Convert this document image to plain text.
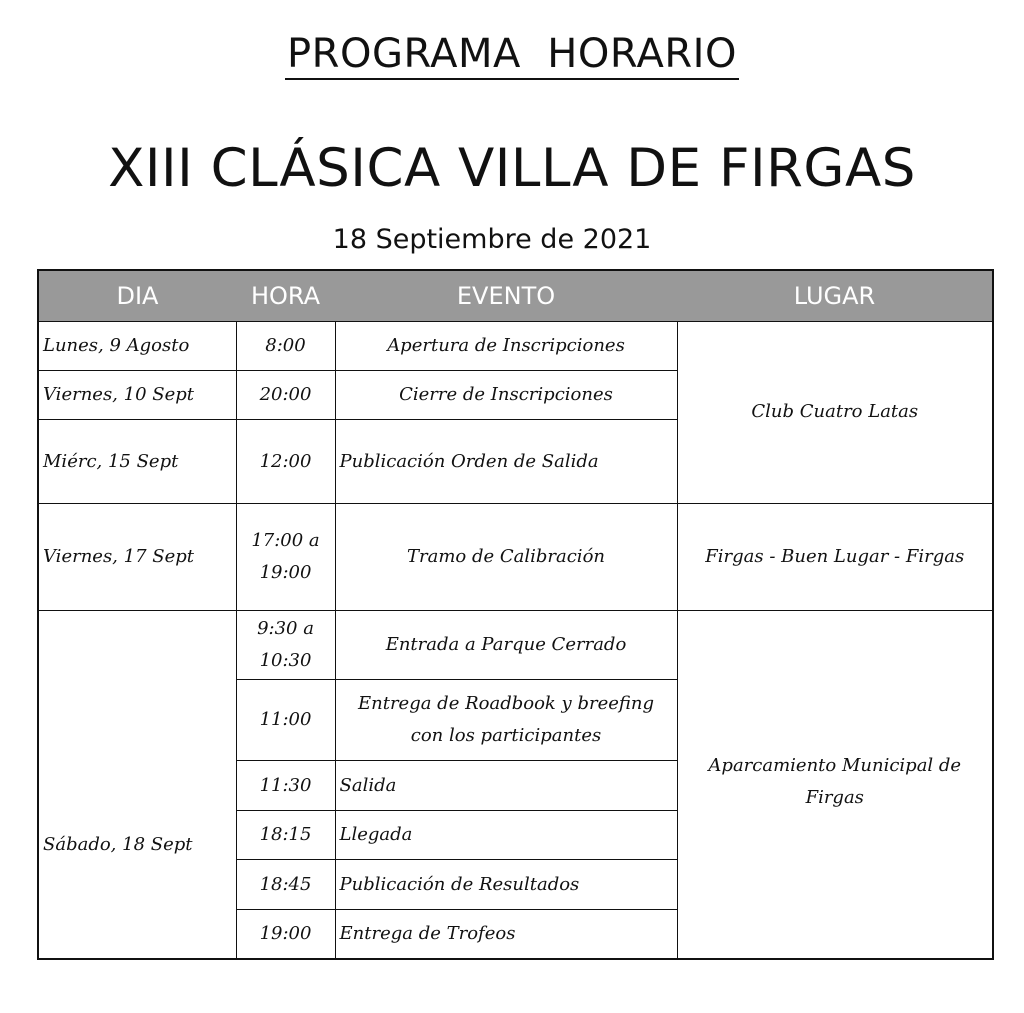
PROGRAMA  HORARIO
XIII CLÁSICA VILLA DE FIRGAS
18 Septiembre de 2021
DIA	HORA	EVENTO	LUGAR
Lunes, 9 Agosto	8:00	Apertura de Inscripciones	Club Cuatro Latas
Viernes, 10 Sept	20:00	Cierre de Inscripciones	
Miérc, 15 Sept	12:00	Publicación Orden de Salida	
Viernes, 17 Sept	17:00 a 19:00	Tramo de Calibración	Firgas - Buen Lugar - Firgas
Sábado, 18 Sept	9:30 a 10:30	Entrada a Parque Cerrado	Aparcamiento Municipal de Firgas
	11:00	Entrega de Roadbook y breefing con los participantes	
	11:30	Salida	
	18:15	Llegada	
	18:45	Publicación de Resultados	
	19:00	Entrega de Trofeos	
